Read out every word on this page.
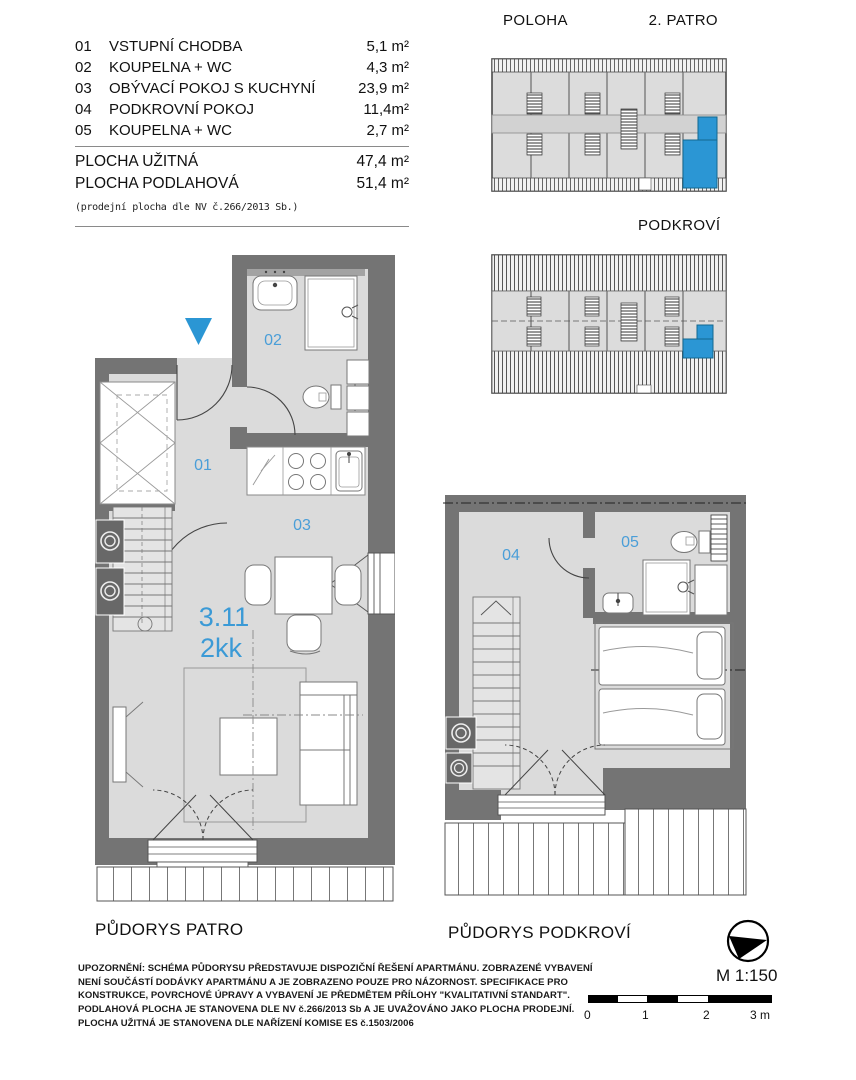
01	VSTUPNÍ CHODBA	5,1 m²
02	KOUPELNA + WC	4,3 m²
03	OBÝVACÍ POKOJ S KUCHYNÍ	23,9 m²
04	PODKROVNÍ POKOJ	11,4m²
05	KOUPELNA + WC	2,7 m²
PLOCHA UŽITNÁ	47,4 m²
PLOCHA PODLAHOVÁ	51,4 m²
(prodejní plocha dle NV č.266/2013 Sb.)
POLOHA	2. PATRO
PODKROVÍ
02
01
03
3.11
2kk
04
05
PŮDORYS PATRO	PŮDORYS PODKROVÍ
M 1:150
0	1	2	3 m
UPOZORNĚNÍ: SCHÉMA PŮDORYSU PŘEDSTAVUJE DISPOZIČNÍ ŘEŠENÍ APARTMÁNU. ZOBRAZENÉ VYBAVENÍ
NENÍ SOUČÁSTÍ DODÁVKY APARTMÁNU A JE ZOBRAZENO POUZE PRO NÁZORNOST. SPECIFIKACE PRO
KONSTRUKCE, POVRCHOVÉ ÚPRAVY A VYBAVENÍ JE PŘEDMĚTEM PŘÍLOHY "KVALITATIVNÍ STANDART".
PODLAHOVÁ PLOCHA JE STANOVENA DLE NV č.266/2013 Sb A JE UVAŽOVÁNO JAKO PLOCHA PRODEJNÍ.
PLOCHA UŽITNÁ JE STANOVENA DLE NAŘÍZENÍ KOMISE ES č.1503/2006
